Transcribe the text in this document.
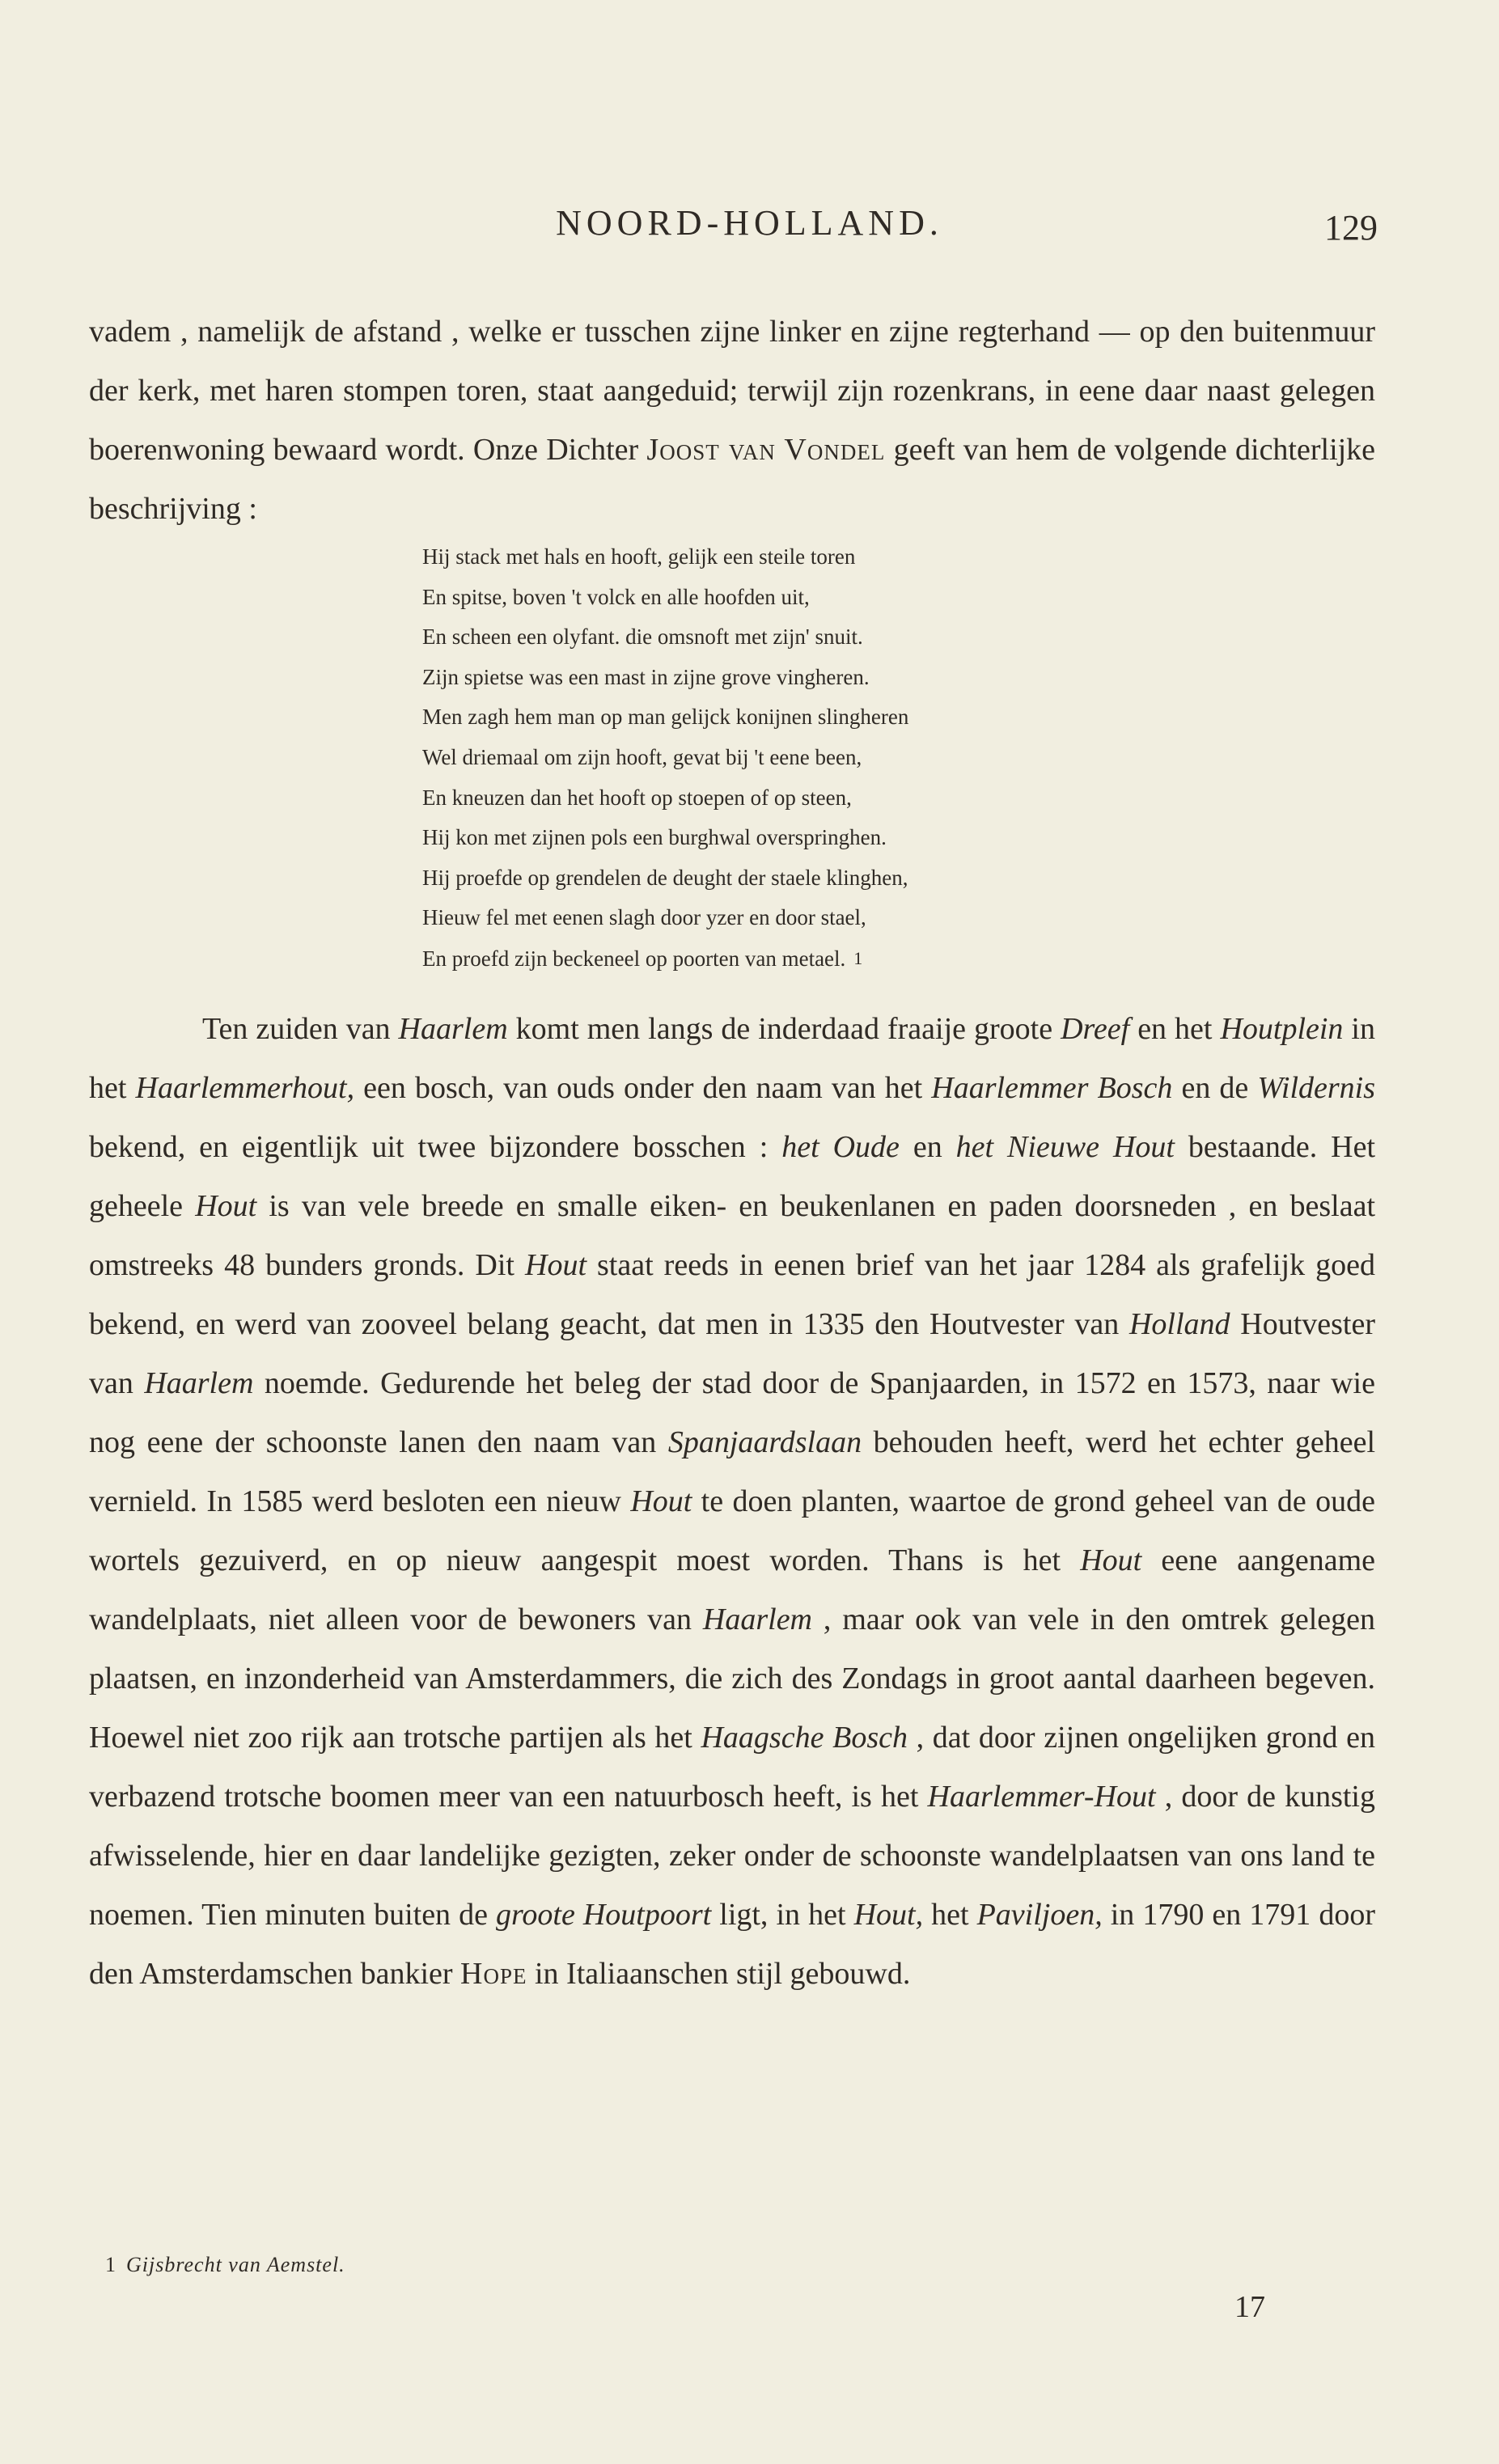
NOORD-HOLLAND.	129

vadem , namelijk de afstand , welke er tusschen zijne linker en zijne regterhand — op den buitenmuur der kerk, met haren stompen toren, staat aangeduid; terwijl zijn rozenkrans, in eene daar naast gelegen boerenwoning bewaard wordt. Onze Dichter Joost van Vondel geeft van hem de volgende dichterlijke beschrijving :

Hij stack met hals en hooft, gelijk een steile toren
En spitse, boven 't volck en alle hoofden uit,
En scheen een olyfant. die omsnoft met zijn' snuit.
Zijn spietse was een mast in zijne grove vingheren.
Men zagh hem man op man gelijck konijnen slingheren
Wel driemaal om zijn hooft, gevat bij 't eene been,
En kneuzen dan het hooft op stoepen of op steen,
Hij kon met zijnen pols een burghwal overspringhen.
Hij proefde op grendelen de deught der staele klinghen,
Hieuw fel met eenen slagh door yzer en door stael,
En proefd zijn beckeneel op poorten van metael. 1

Ten zuiden van Haarlem komt men langs de inderdaad fraaije groote Dreef en het Houtplein in het Haarlemmerhout, een bosch, van ouds onder den naam van het Haarlemmer Bosch en de Wildernis bekend, en eigentlijk uit twee bijzondere bosschen : het Oude en het Nieuwe Hout bestaande. Het geheele Hout is van vele breede en smalle eiken- en beukenlanen en paden doorsneden , en beslaat omstreeks 48 bunders gronds. Dit Hout staat reeds in eenen brief van het jaar 1284 als grafelijk goed bekend, en werd van zooveel belang geacht, dat men in 1335 den Houtvester van Holland Houtvester van Haarlem noemde. Gedurende het beleg der stad door de Spanjaarden, in 1572 en 1573, naar wie nog eene der schoonste lanen den naam van Spanjaardslaan behouden heeft, werd het echter geheel vernield. In 1585 werd besloten een nieuw Hout te doen planten, waartoe de grond geheel van de oude wortels gezuiverd, en op nieuw aangespit moest worden. Thans is het Hout eene aangename wandelplaats, niet alleen voor de bewoners van Haarlem , maar ook van vele in den omtrek gelegen plaatsen, en inzonderheid van Amsterdammers, die zich des Zondags in groot aantal daarheen begeven. Hoewel niet zoo rijk aan trotsche partijen als het Haagsche Bosch , dat door zijnen ongelijken grond en verbazend trotsche boomen meer van een natuurbosch heeft, is het Haarlemmer-Hout , door de kunstig afwisselende, hier en daar landelijke gezigten, zeker onder de schoonste wandelplaatsen van ons land te noemen. Tien minuten buiten de groote Houtpoort ligt, in het Hout, het Paviljoen, in 1790 en 1791 door den Amsterdamschen bankier Hope in Italiaanschen stijl gebouwd.

1 Gijsbrecht van Aemstel.
17
